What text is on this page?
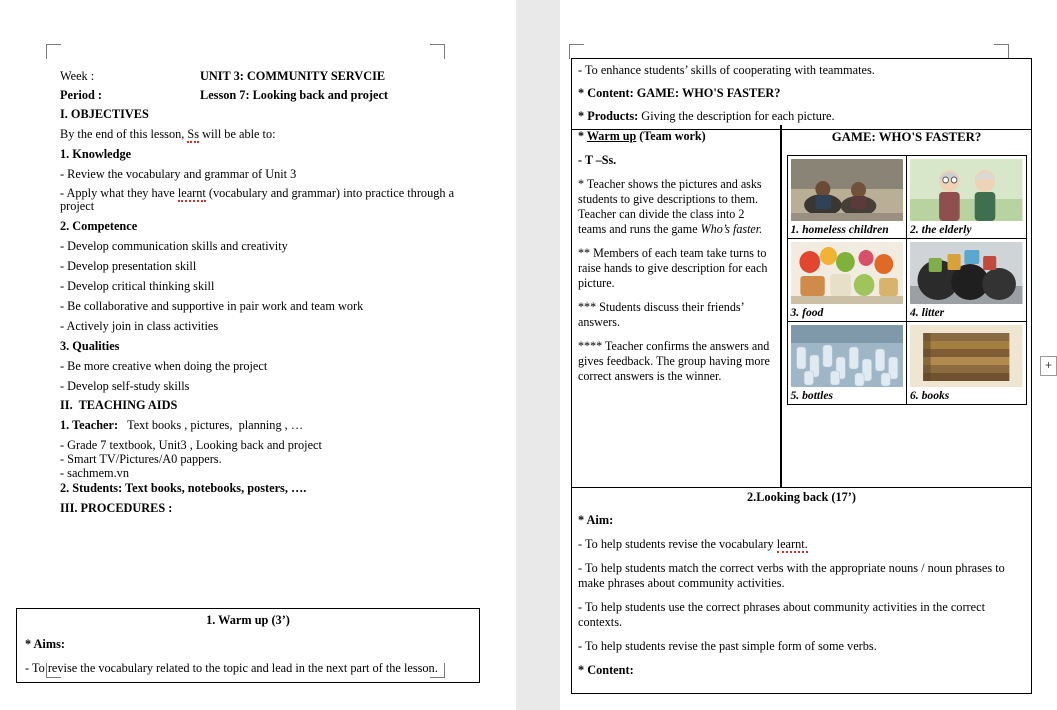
Week :	UNIT 3: COMMUNITY SERVCIE
Period :	Lesson 7: Looking back and project

I. OBJECTIVES

By the end of this lesson, Ss will be able to:

1. Knowledge

- Review the vocabulary and grammar of Unit 3

- Apply what they have learnt (vocabulary and grammar) into practice through a project

2. Competence

- Develop communication skills and creativity

- Develop presentation skill

- Develop critical thinking skill

- Be collaborative and supportive in pair work and team work

- Actively join in class activities

3. Qualities

- Be more creative when doing the project

- Develop self-study skills

II.  TEACHING AIDS

1. Teacher:   Text books , pictures,  planning , …

- Grade 7 textbook, Unit3 , Looking back and project

- Smart TV/Pictures/A0 pappers.

- sachmem.vn

2. Students: Text books, notebooks, posters, ….

III. PROCEDURES :

1. Warm up (3’)
* Aims:
- To revise the vocabulary related to the topic and lead in the next part of the lesson.

- To enhance students’ skills of cooperating with teammates.

* Content: GAME: WHO'S FASTER?

* Products: Giving the description for each picture.

* Warm up (Team work)

- T –Ss.

* Teacher shows the pictures and asks students to give descriptions to them. Teacher can divide the class into 2 teams and runs the game Who’s faster.

** Members of each team take turns to raise hands to give description for each picture.

*** Students discuss their friends’ answers.

**** Teacher confirms the answers and gives feedback. The group having more correct answers is the winner.

GAME: WHO'S FASTER?
1. homeless children	2. the elderly
3. food	4. litter
5. bottles	6. books
2.Looking back (17’)

* Aim:

- To help students revise the vocabulary learnt.

- To help students match the correct verbs with the appropriate nouns / noun phrases to make phrases about community activities.

- To help students use the correct phrases about community activities in the correct contexts.

- To help students revise the past simple form of some verbs.

* Content:

+
